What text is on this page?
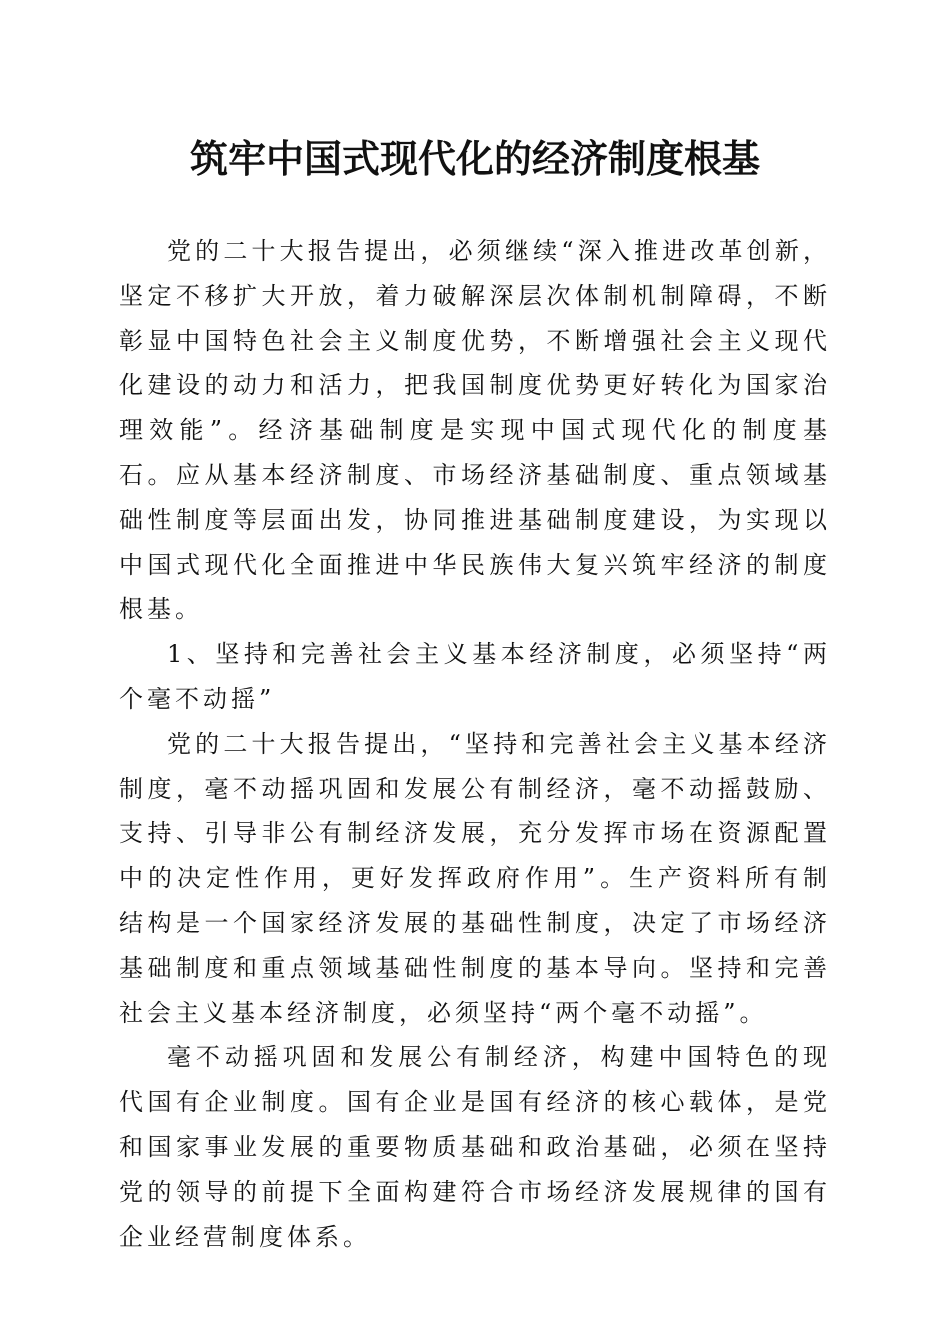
筑牢中国式现代化的经济制度根基

党的二十大报告提出，必须继续“深入推进改革创新，坚定不移扩大开放，着力破解深层次体制机制障碍，不断彰显中国特色社会主义制度优势，不断增强社会主义现代化建设的动力和活力，把我国制度优势更好转化为国家治理效能”。经济基础制度是实现中国式现代化的制度基石。应从基本经济制度、市场经济基础制度、重点领域基础性制度等层面出发，协同推进基础制度建设，为实现以中国式现代化全面推进中华民族伟大复兴筑牢经济的制度根基。

1、坚持和完善社会主义基本经济制度，必须坚持“两个毫不动摇”

党的二十大报告提出，“坚持和完善社会主义基本经济制度，毫不动摇巩固和发展公有制经济，毫不动摇鼓励、支持、引导非公有制经济发展，充分发挥市场在资源配置中的决定性作用，更好发挥政府作用”。生产资料所有制结构是一个国家经济发展的基础性制度，决定了市场经济基础制度和重点领域基础性制度的基本导向。坚持和完善社会主义基本经济制度，必须坚持“两个毫不动摇”。

毫不动摇巩固和发展公有制经济，构建中国特色的现代国有企业制度。国有企业是国有经济的核心载体，是党和国家事业发展的重要物质基础和政治基础，必须在坚持党的领导的前提下全面构建符合市场经济发展规律的国有企业经营制度体系。
